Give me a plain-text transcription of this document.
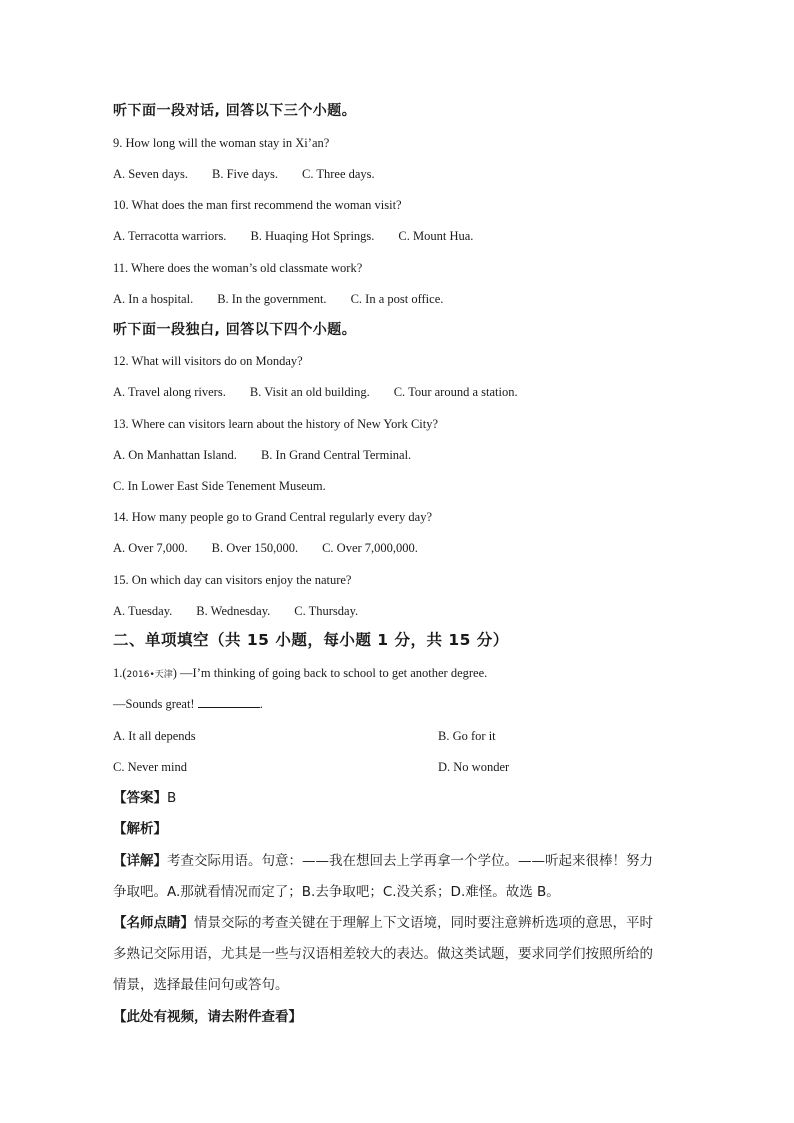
听下面一段对话, 回答以下三个小题。
9. How long will the woman stay in Xi’an?
A. Seven days. B. Five days. C. Three days.
10. What does the man first recommend the woman visit?
A. Terracotta warriors. B. Huaqing Hot Springs. C. Mount Hua.
11. Where does the woman’s old classmate work?
A. In a hospital. B. In the government. C. In a post office.
听下面一段独白, 回答以下四个小题。
12. What will visitors do on Monday?
A. Travel along rivers. B. Visit an old building. C. Tour around a station.
13. Where can visitors learn about the history of New York City?
A. On Manhattan Island. B. In Grand Central Terminal.
C. In Lower East Side Tenement Museum.
14. How many people go to Grand Central regularly every day?
A. Over 7,000. B. Over 150,000. C. Over 7,000,000.
15. On which day can visitors enjoy the nature?
A. Tuesday. B. Wednesday. C. Thursday.
二、单项填空（共 15 小题，每小题 1 分，共 15 分）
1.(2016•天津) —I’m thinking of going back to school to get another degree.
—Sounds great!	.
A. It all depends	B. Go for it
C. Never mind	D. No wonder
【答案】B
【解析】
【详解】考查交际用语。句意：——我在想回去上学再拿一个学位。——听起来很棒！努力
争取吧。A.那就看情况而定了；B.去争取吧；C.没关系；D.难怪。故选 B。
【名师点睛】情景交际的考查关键在于理解上下文语境，同时要注意辨析选项的意思，平时
多熟记交际用语，尤其是一些与汉语相差较大的表达。做这类试题，要求同学们按照所给的
情景，选择最佳问句或答句。
【此处有视频，请去附件查看】
